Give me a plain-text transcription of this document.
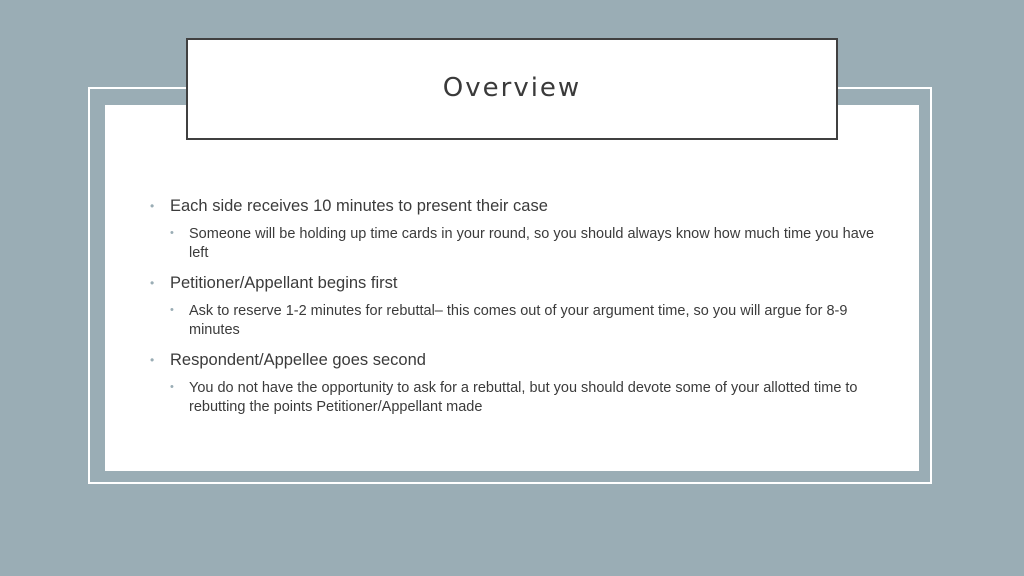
Overview
• Each side receives 10 minutes to present their case
• Someone will be holding up time cards in your round, so you should always know how much time you have left
• Petitioner/Appellant begins first
• Ask to reserve 1-2 minutes for rebuttal– this comes out of your argument time, so you will argue for 8-9 minutes
• Respondent/Appellee goes second
• You do not have the opportunity to ask for a rebuttal, but you should devote some of your allotted time to rebutting the points Petitioner/Appellant made
